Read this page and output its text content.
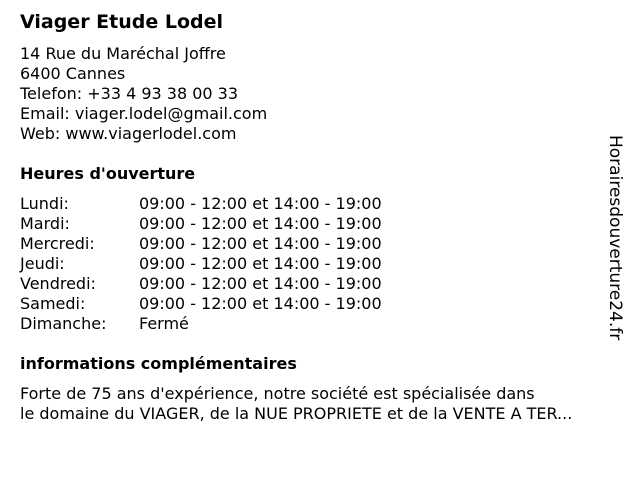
Viager Etude Lodel
14 Rue du Maréchal Joffre
6400 Cannes
Telefon: +33 4 93 38 00 33
Email: viager.lodel@gmail.com
Web: www.viagerlodel.com
Heures d'ouverture
Lundi:	09:00 - 12:00 et 14:00 - 19:00
Mardi:	09:00 - 12:00 et 14:00 - 19:00
Mercredi:	09:00 - 12:00 et 14:00 - 19:00
Jeudi:	09:00 - 12:00 et 14:00 - 19:00
Vendredi:	09:00 - 12:00 et 14:00 - 19:00
Samedi:	09:00 - 12:00 et 14:00 - 19:00
Dimanche:	Fermé
informations complémentaires
Forte de 75 ans d'expérience, notre société est spécialisée dans
le domaine du VIAGER, de la NUE PROPRIETE et de la VENTE A TER...
Horairesdouverture24.fr
